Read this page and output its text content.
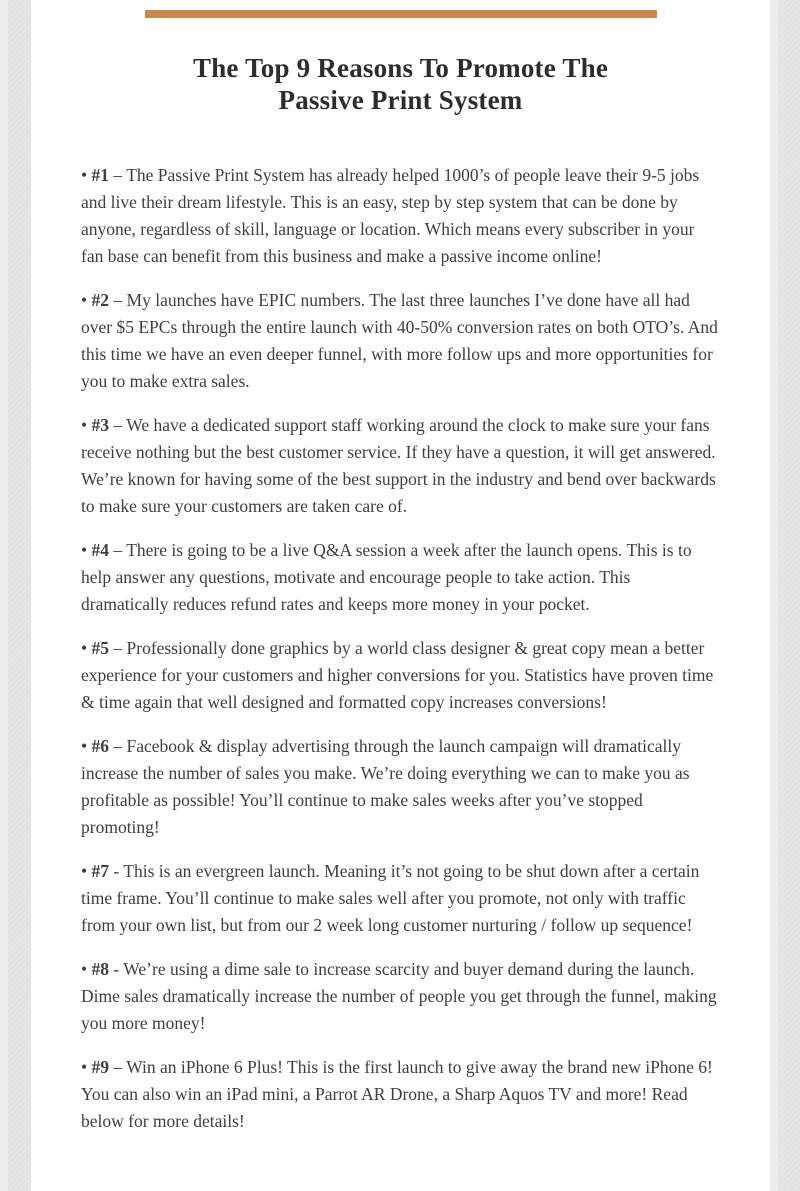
The Top 9 Reasons To Promote The
Passive Print System

• #1 – The Passive Print System has already helped 1000’s of people leave their 9-5 jobs and live their dream lifestyle. This is an easy, step by step system that can be done by anyone, regardless of skill, language or location. Which means every subscriber in your fan base can benefit from this business and make a passive income online!

• #2 – My launches have EPIC numbers. The last three launches I’ve done have all had over $5 EPCs through the entire launch with 40-50% conversion rates on both OTO’s. And this time we have an even deeper funnel, with more follow ups and more opportunities for you to make extra sales.

• #3 – We have a dedicated support staff working around the clock to make sure your fans receive nothing but the best customer service. If they have a question, it will get answered. We’re known for having some of the best support in the industry and bend over backwards to make sure your customers are taken care of.

• #4 – There is going to be a live Q&A session a week after the launch opens. This is to help answer any questions, motivate and encourage people to take action. This dramatically reduces refund rates and keeps more money in your pocket.

• #5 – Professionally done graphics by a world class designer & great copy mean a better experience for your customers and higher conversions for you. Statistics have proven time & time again that well designed and formatted copy increases conversions!

• #6 – Facebook & display advertising through the launch campaign will dramatically increase the number of sales you make. We’re doing everything we can to make you as profitable as possible! You’ll continue to make sales weeks after you’ve stopped promoting!

• #7 - This is an evergreen launch. Meaning it’s not going to be shut down after a certain time frame. You’ll continue to make sales well after you promote, not only with traffic from your own list, but from our 2 week long customer nurturing / follow up sequence!

• #8 - We’re using a dime sale to increase scarcity and buyer demand during the launch. Dime sales dramatically increase the number of people you get through the funnel, making you more money!

• #9 – Win an iPhone 6 Plus! This is the first launch to give away the brand new iPhone 6! You can also win an iPad mini, a Parrot AR Drone, a Sharp Aquos TV and more! Read below for more details!
